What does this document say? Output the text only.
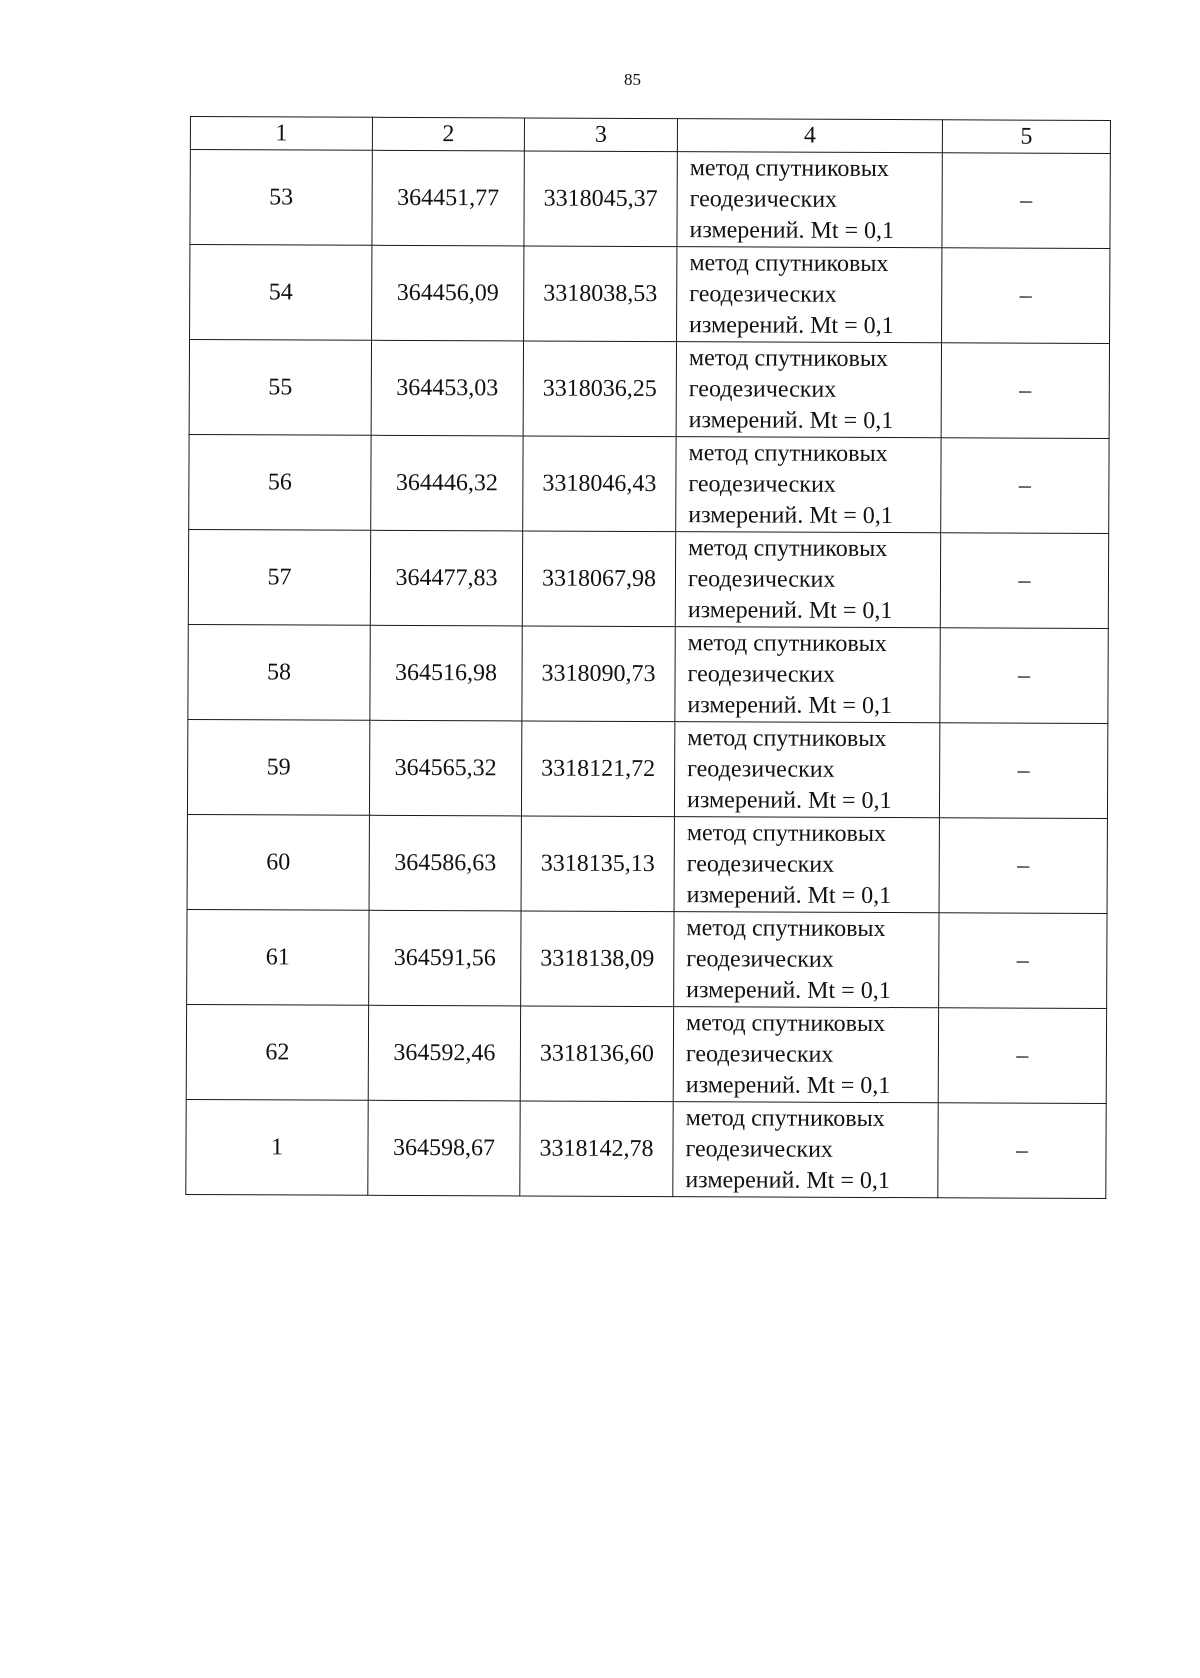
85
1	2	3	4	5
53	364451,77	3318045,37	метод спутниковых
геодезических
измерений. Mt = 0,1	–
54	364456,09	3318038,53	метод спутниковых
геодезических
измерений. Mt = 0,1	–
55	364453,03	3318036,25	метод спутниковых
геодезических
измерений. Mt = 0,1	–
56	364446,32	3318046,43	метод спутниковых
геодезических
измерений. Mt = 0,1	–
57	364477,83	3318067,98	метод спутниковых
геодезических
измерений. Mt = 0,1	–
58	364516,98	3318090,73	метод спутниковых
геодезических
измерений. Mt = 0,1	–
59	364565,32	3318121,72	метод спутниковых
геодезических
измерений. Mt = 0,1	–
60	364586,63	3318135,13	метод спутниковых
геодезических
измерений. Mt = 0,1	–
61	364591,56	3318138,09	метод спутниковых
геодезических
измерений. Mt = 0,1	–
62	364592,46	3318136,60	метод спутниковых
геодезических
измерений. Mt = 0,1	–
1	364598,67	3318142,78	метод спутниковых
геодезических
измерений. Mt = 0,1	–
